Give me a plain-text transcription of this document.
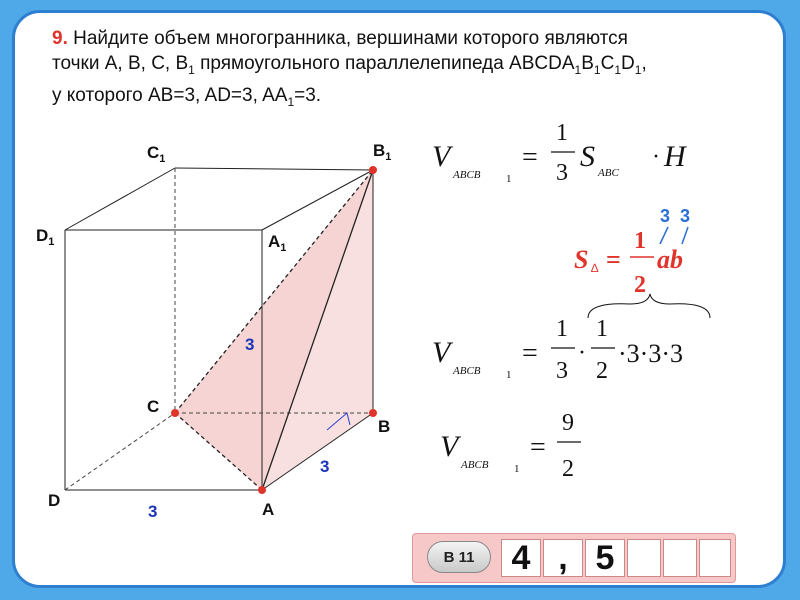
9. Найдите объем многогранника, вершинами которого являются
точки A, B, C, $B_1$ прямоугольного параллелепипеда $ABCDA_1B_1C_1D_1$,
у которого AB=3, AD=3, $AA_1=3$.
$C_1$	$B_1$
$D_1$	$A_1$
C
B
D	A
3
3
3
V
ABCB 1
=
1
3 S ABC
· H
3 3
S ∆ =
1
2
ab
V
ABCB 1
=
1
3
·
1
2
·3·3·3
V
ABCB 1
=
9
2
В 11	4 , 5
